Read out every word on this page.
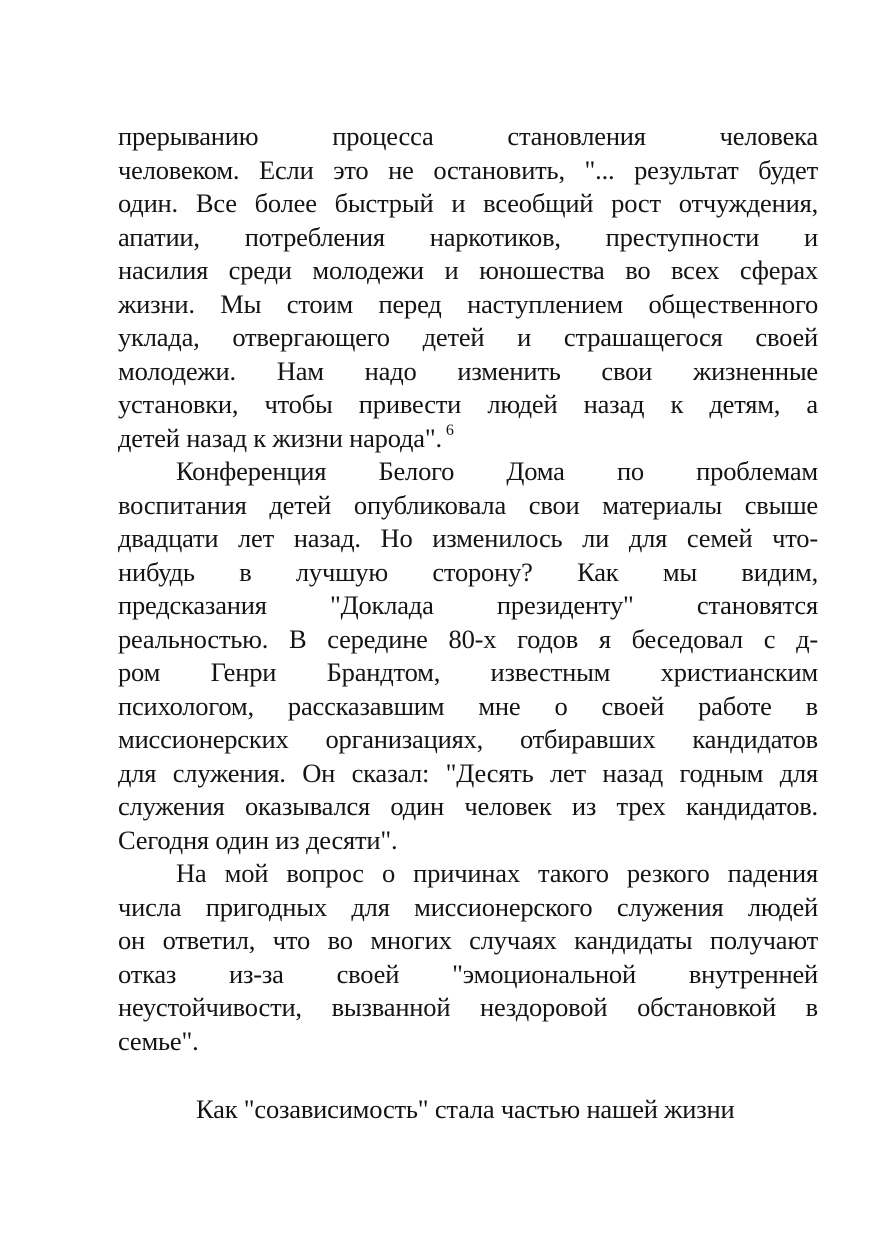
прерыванию процесса становления человека
человеком. Если это не остановить, "... результат будет
один. Все более быстрый и всеобщий рост отчуждения,
апатии, потребления наркотиков, преступности и
насилия среди молодежи и юношества во всех сферах
жизни. Мы стоим перед наступлением общественного
уклада, отвергающего детей и страшащегося своей
молодежи. Нам надо изменить свои жизненные
установки, чтобы привести людей назад к детям, а
детей назад к жизни народа". $^6$
Конференция Белого Дома по проблемам
воспитания детей опубликовала свои материалы свыше
двадцати лет назад. Но изменилось ли для семей что-
нибудь в лучшую сторону? Как мы видим,
предсказания "Доклада президенту" становятся
реальностью. В середине 80-х годов я беседовал с д-
ром Генри Брандтом, известным христианским
психологом, рассказавшим мне о своей работе в
миссионерских организациях, отбиравших кандидатов
для служения. Он сказал: "Десять лет назад годным для
служения оказывался один человек из трех кандидатов.
Сегодня один из десяти".
На мой вопрос о причинах такого резкого падения
числа пригодных для миссионерского служения людей
он ответил, что во многих случаях кандидаты получают
отказ из-за своей "эмоциональной внутренней
неустойчивости, вызванной нездоровой обстановкой в
семье".
Как "созависимость" стала частью нашей жизни
